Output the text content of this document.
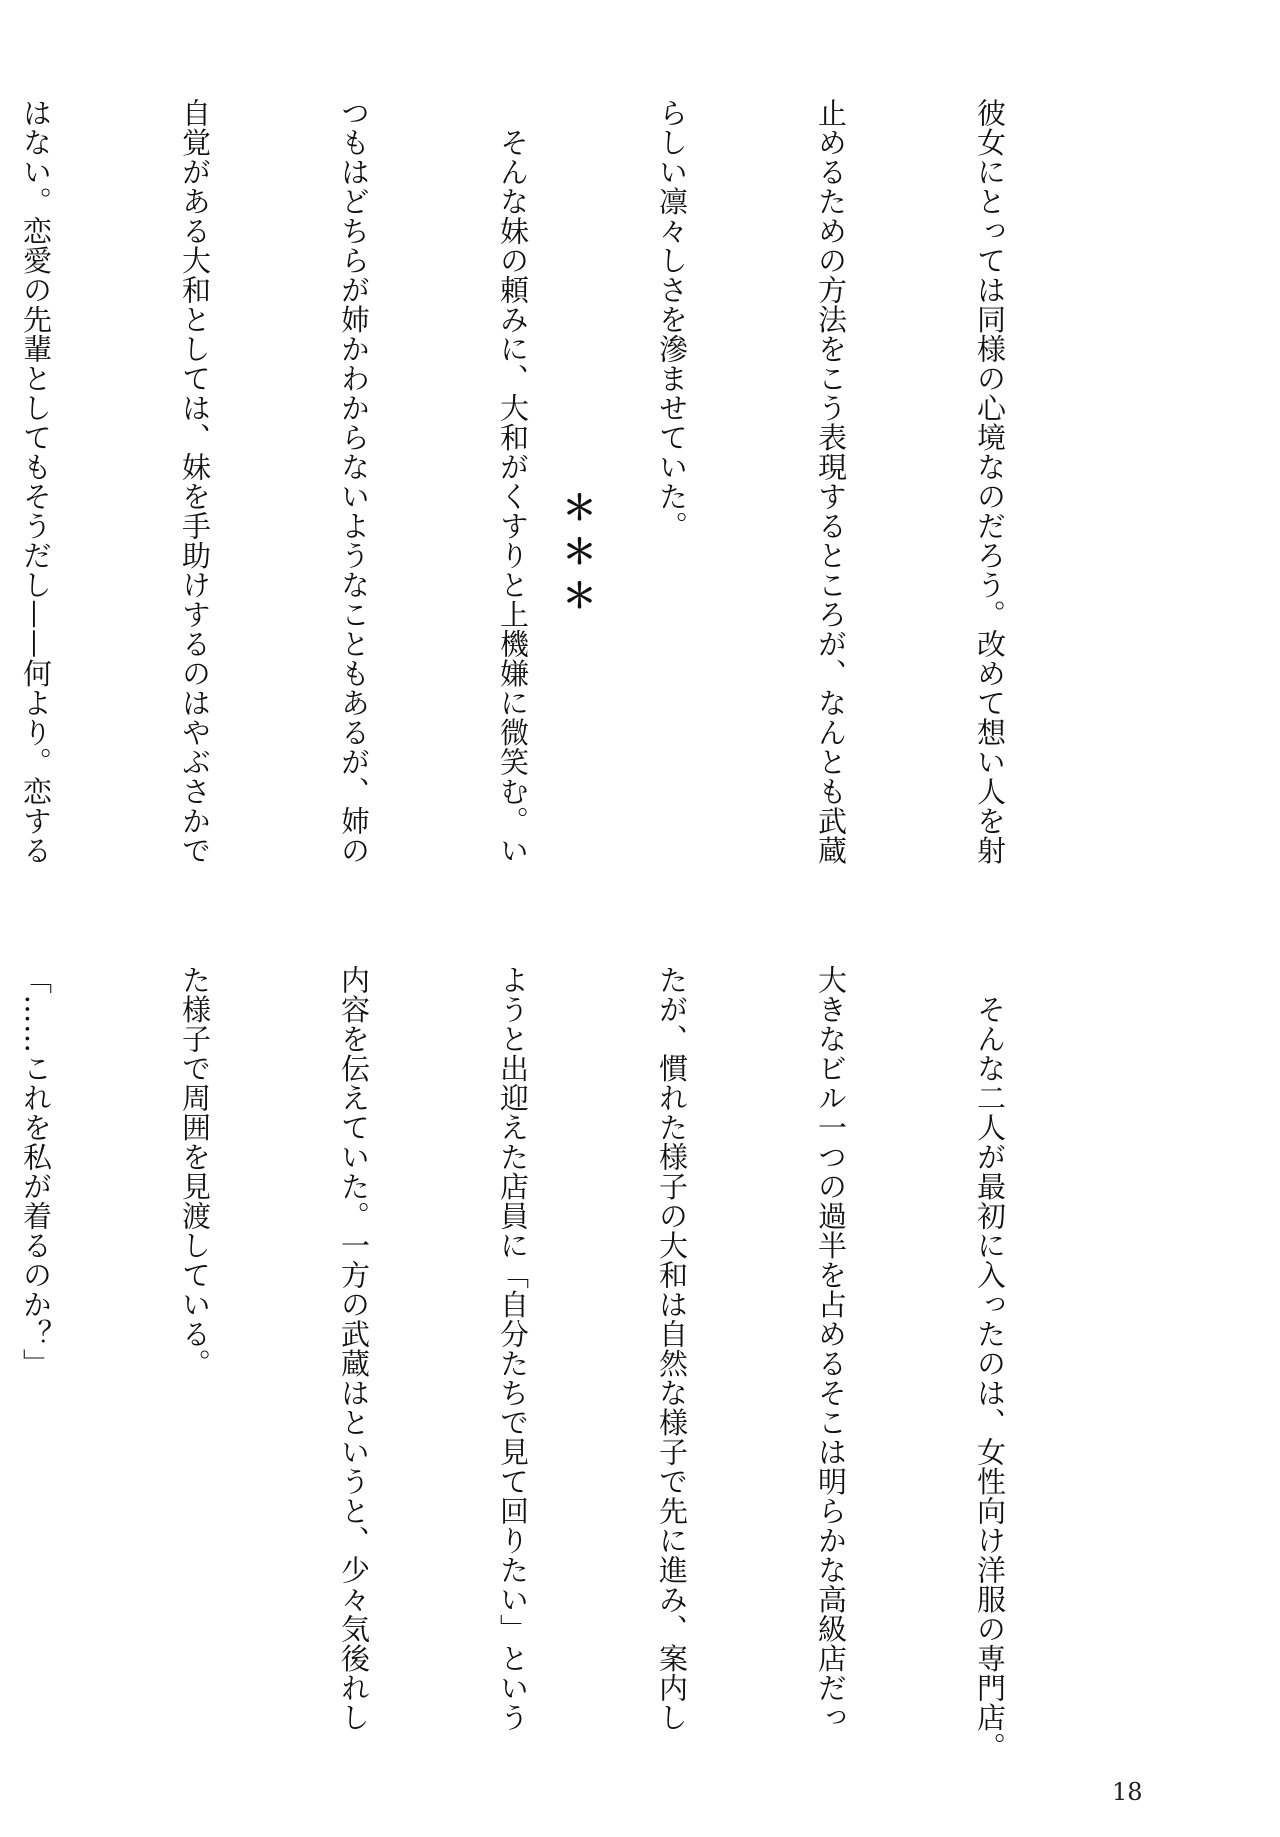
彼女にとっては同様の心境なのだろう。改めて想い人を射

止めるための方法をこう表現するところが、なんとも武蔵

らしい凛々しさを滲ませていた。

　そんな妹の頼みに、大和がくすりと上機嫌に微笑む。い

つもはどちらが姉かわからないようなこともあるが、姉の

自覚がある大和としては、妹を手助けするのはやぶさかで

はない。恋愛の先輩としてもそうだし——何より。恋する

	＊＊＊

　そんな二人が最初に入ったのは、女性向け洋服の専門店。

大きなビル一つの過半を占めるそこは明らかな高級店だっ

たが、慣れた様子の大和は自然な様子で先に進み、案内し

ようと出迎えた店員に「自分たちで見て回りたい」という

内容を伝えていた。一方の武蔵はというと、少々気後れし

た様子で周囲を見渡している。

「……これを私が着るのか？」

18
